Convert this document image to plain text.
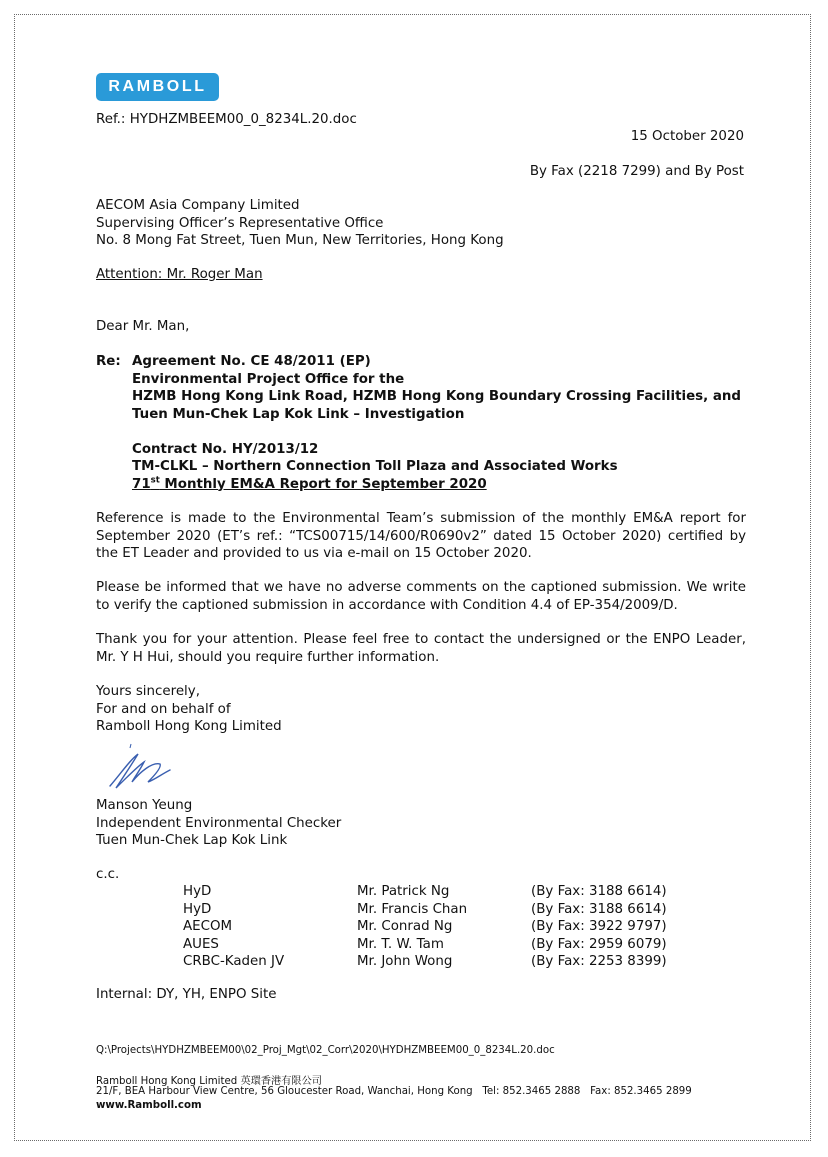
RAMBOLL
Ref.: HYDHZMBEEM00_0_8234L.20.doc
15 October 2020
By Fax (2218 7299) and By Post
AECOM Asia Company Limited
Supervising Officer’s Representative Office
No. 8 Mong Fat Street, Tuen Mun, New Territories, Hong Kong
Attention: Mr. Roger Man
Dear Mr. Man,
Re: Agreement No. CE 48/2011 (EP)
Environmental Project Office for the
HZMB Hong Kong Link Road, HZMB Hong Kong Boundary Crossing Facilities, and
Tuen Mun-Chek Lap Kok Link – Investigation
Contract No. HY/2013/12
TM-CLKL – Northern Connection Toll Plaza and Associated Works
71st Monthly EM&A Report for September 2020
Reference is made to the Environmental Team’s submission of the monthly EM&A report for September 2020 (ET’s ref.: “TCS00715/14/600/R0690v2” dated 15 October 2020) certified by the ET Leader and provided to us via e-mail on 15 October 2020.
Please be informed that we have no adverse comments on the captioned submission. We write to verify the captioned submission in accordance with Condition 4.4 of EP-354/2009/D.
Thank you for your attention. Please feel free to contact the undersigned or the ENPO Leader, Mr. Y H Hui, should you require further information.
Yours sincerely,
For and on behalf of
Ramboll Hong Kong Limited
Manson Yeung
Independent Environmental Checker
Tuen Mun-Chek Lap Kok Link
c.c.
HyD	Mr. Patrick Ng	(By Fax: 3188 6614)
HyD	Mr. Francis Chan	(By Fax: 3188 6614)
AECOM	Mr. Conrad Ng	(By Fax: 3922 9797)
AUES	Mr. T. W. Tam	(By Fax: 2959 6079)
CRBC-Kaden JV	Mr. John Wong	(By Fax: 2253 8399)
Internal: DY, YH, ENPO Site
Q:\Projects\HYDHZMBEEM00\02_Proj_Mgt\02_Corr\2020\HYDHZMBEEM00_0_8234L.20.doc
Ramboll Hong Kong Limited 英環香港有限公司
21/F, BEA Harbour View Centre, 56 Gloucester Road, Wanchai, Hong Kong Tel: 852.3465 2888 Fax: 852.3465 2899
www.Ramboll.com
